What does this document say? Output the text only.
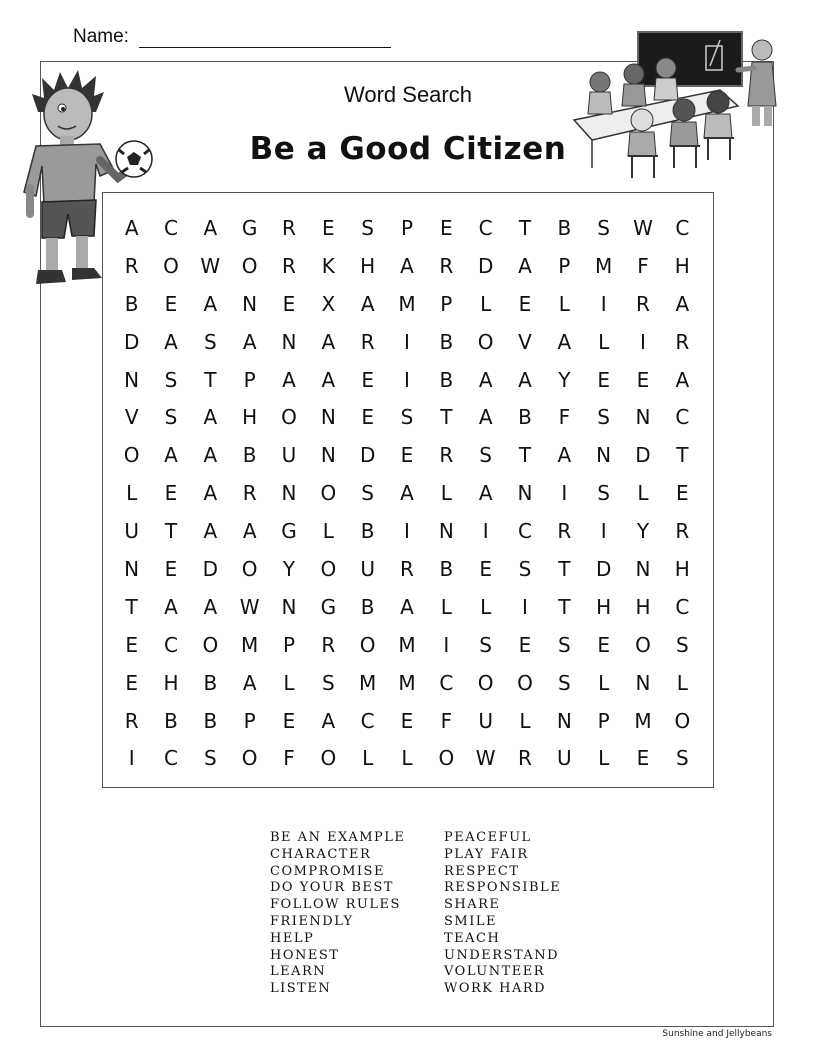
Name:
Word Search
Be a Good Citizen
A	C	A	G	R	E	S	P	E	C	T	B	S	W	C
R	O	W	O	R	K	H	A	R	D	A	P	M	F	H
B	E	A	N	E	X	A	M	P	L	E	L	I	R	A
D	A	S	A	N	A	R	I	B	O	V	A	L	I	R
N	S	T	P	A	A	E	I	B	A	A	Y	E	E	A
V	S	A	H	O	N	E	S	T	A	B	F	S	N	C
O	A	A	B	U	N	D	E	R	S	T	A	N	D	T
L	E	A	R	N	O	S	A	L	A	N	I	S	L	E
U	T	A	A	G	L	B	I	N	I	C	R	I	Y	R
N	E	D	O	Y	O	U	R	B	E	S	T	D	N	H
T	A	A	W	N	G	B	A	L	L	I	T	H	H	C
E	C	O	M	P	R	O	M	I	S	E	S	E	O	S
E	H	B	A	L	S	M	M	C	O	O	S	L	N	L
R	B	B	P	E	A	C	E	F	U	L	N	P	M	O
I	C	S	O	F	O	L	L	O	W	R	U	L	E	S
BE AN EXAMPLE
CHARACTER
COMPROMISE
DO YOUR BEST
FOLLOW RULES
FRIENDLY
HELP
HONEST
LEARN
LISTEN
PEACEFUL
PLAY FAIR
RESPECT
RESPONSIBLE
SHARE
SMILE
TEACH
UNDERSTAND
VOLUNTEER
WORK HARD
Sunshine and Jellybeans
